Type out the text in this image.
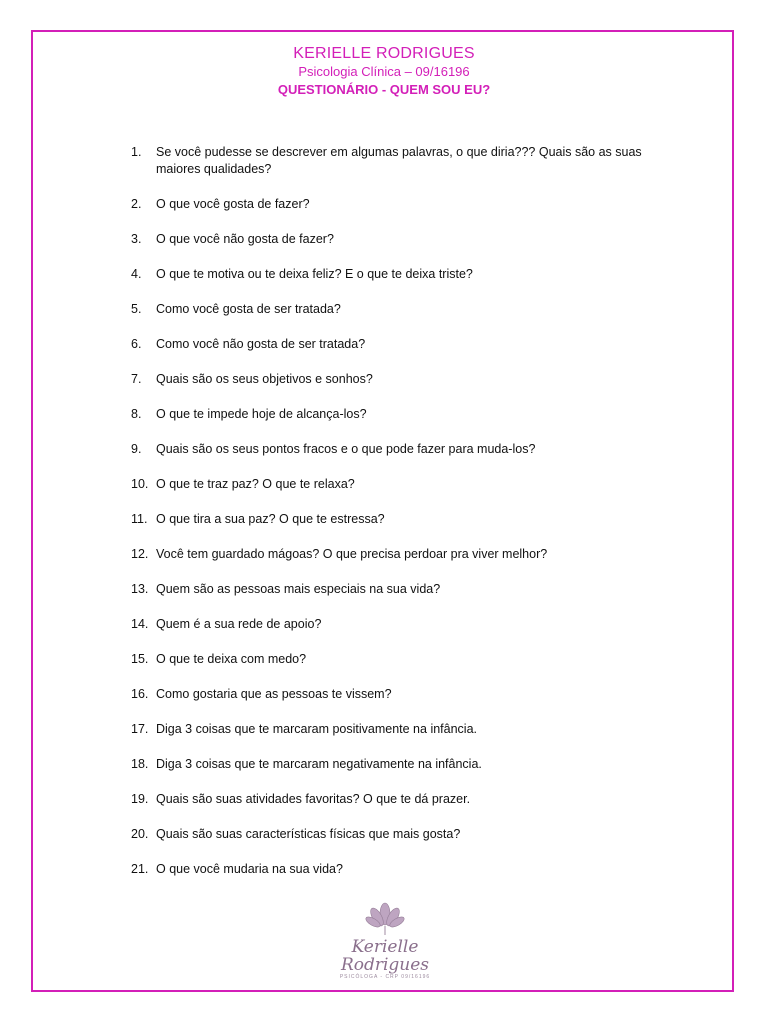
KERIELLE RODRIGUES
Psicologia Clínica – 09/16196
QUESTIONÁRIO - QUEM SOU EU?
1. Se você pudesse se descrever em algumas palavras, o que diria??? Quais são as suas maiores qualidades?
2. O que você gosta de fazer?
3. O que você não gosta de fazer?
4. O que te motiva ou te deixa feliz? E o que te deixa triste?
5. Como você gosta de ser tratada?
6. Como você não gosta de ser tratada?
7. Quais são os seus objetivos e sonhos?
8. O que te impede hoje de alcança-los?
9. Quais são os seus pontos fracos e o que pode fazer para muda-los?
10. O que te traz paz? O que te relaxa?
11. O que tira a sua paz? O que te estressa?
12. Você tem guardado mágoas? O que precisa perdoar pra viver melhor?
13. Quem são as pessoas mais especiais na sua vida?
14. Quem é a sua rede de apoio?
15. O que te deixa com medo?
16. Como gostaria que as pessoas te vissem?
17. Diga 3 coisas que te marcaram positivamente na infância.
18. Diga 3 coisas que te marcaram negativamente na infância.
19. Quais são suas atividades favoritas? O que te dá prazer.
20. Quais são suas características físicas que mais gosta?
21. O que você mudaria na sua vida?
Kerielle Rodrigues
PSICÓLOGA - CRP 09/16196
